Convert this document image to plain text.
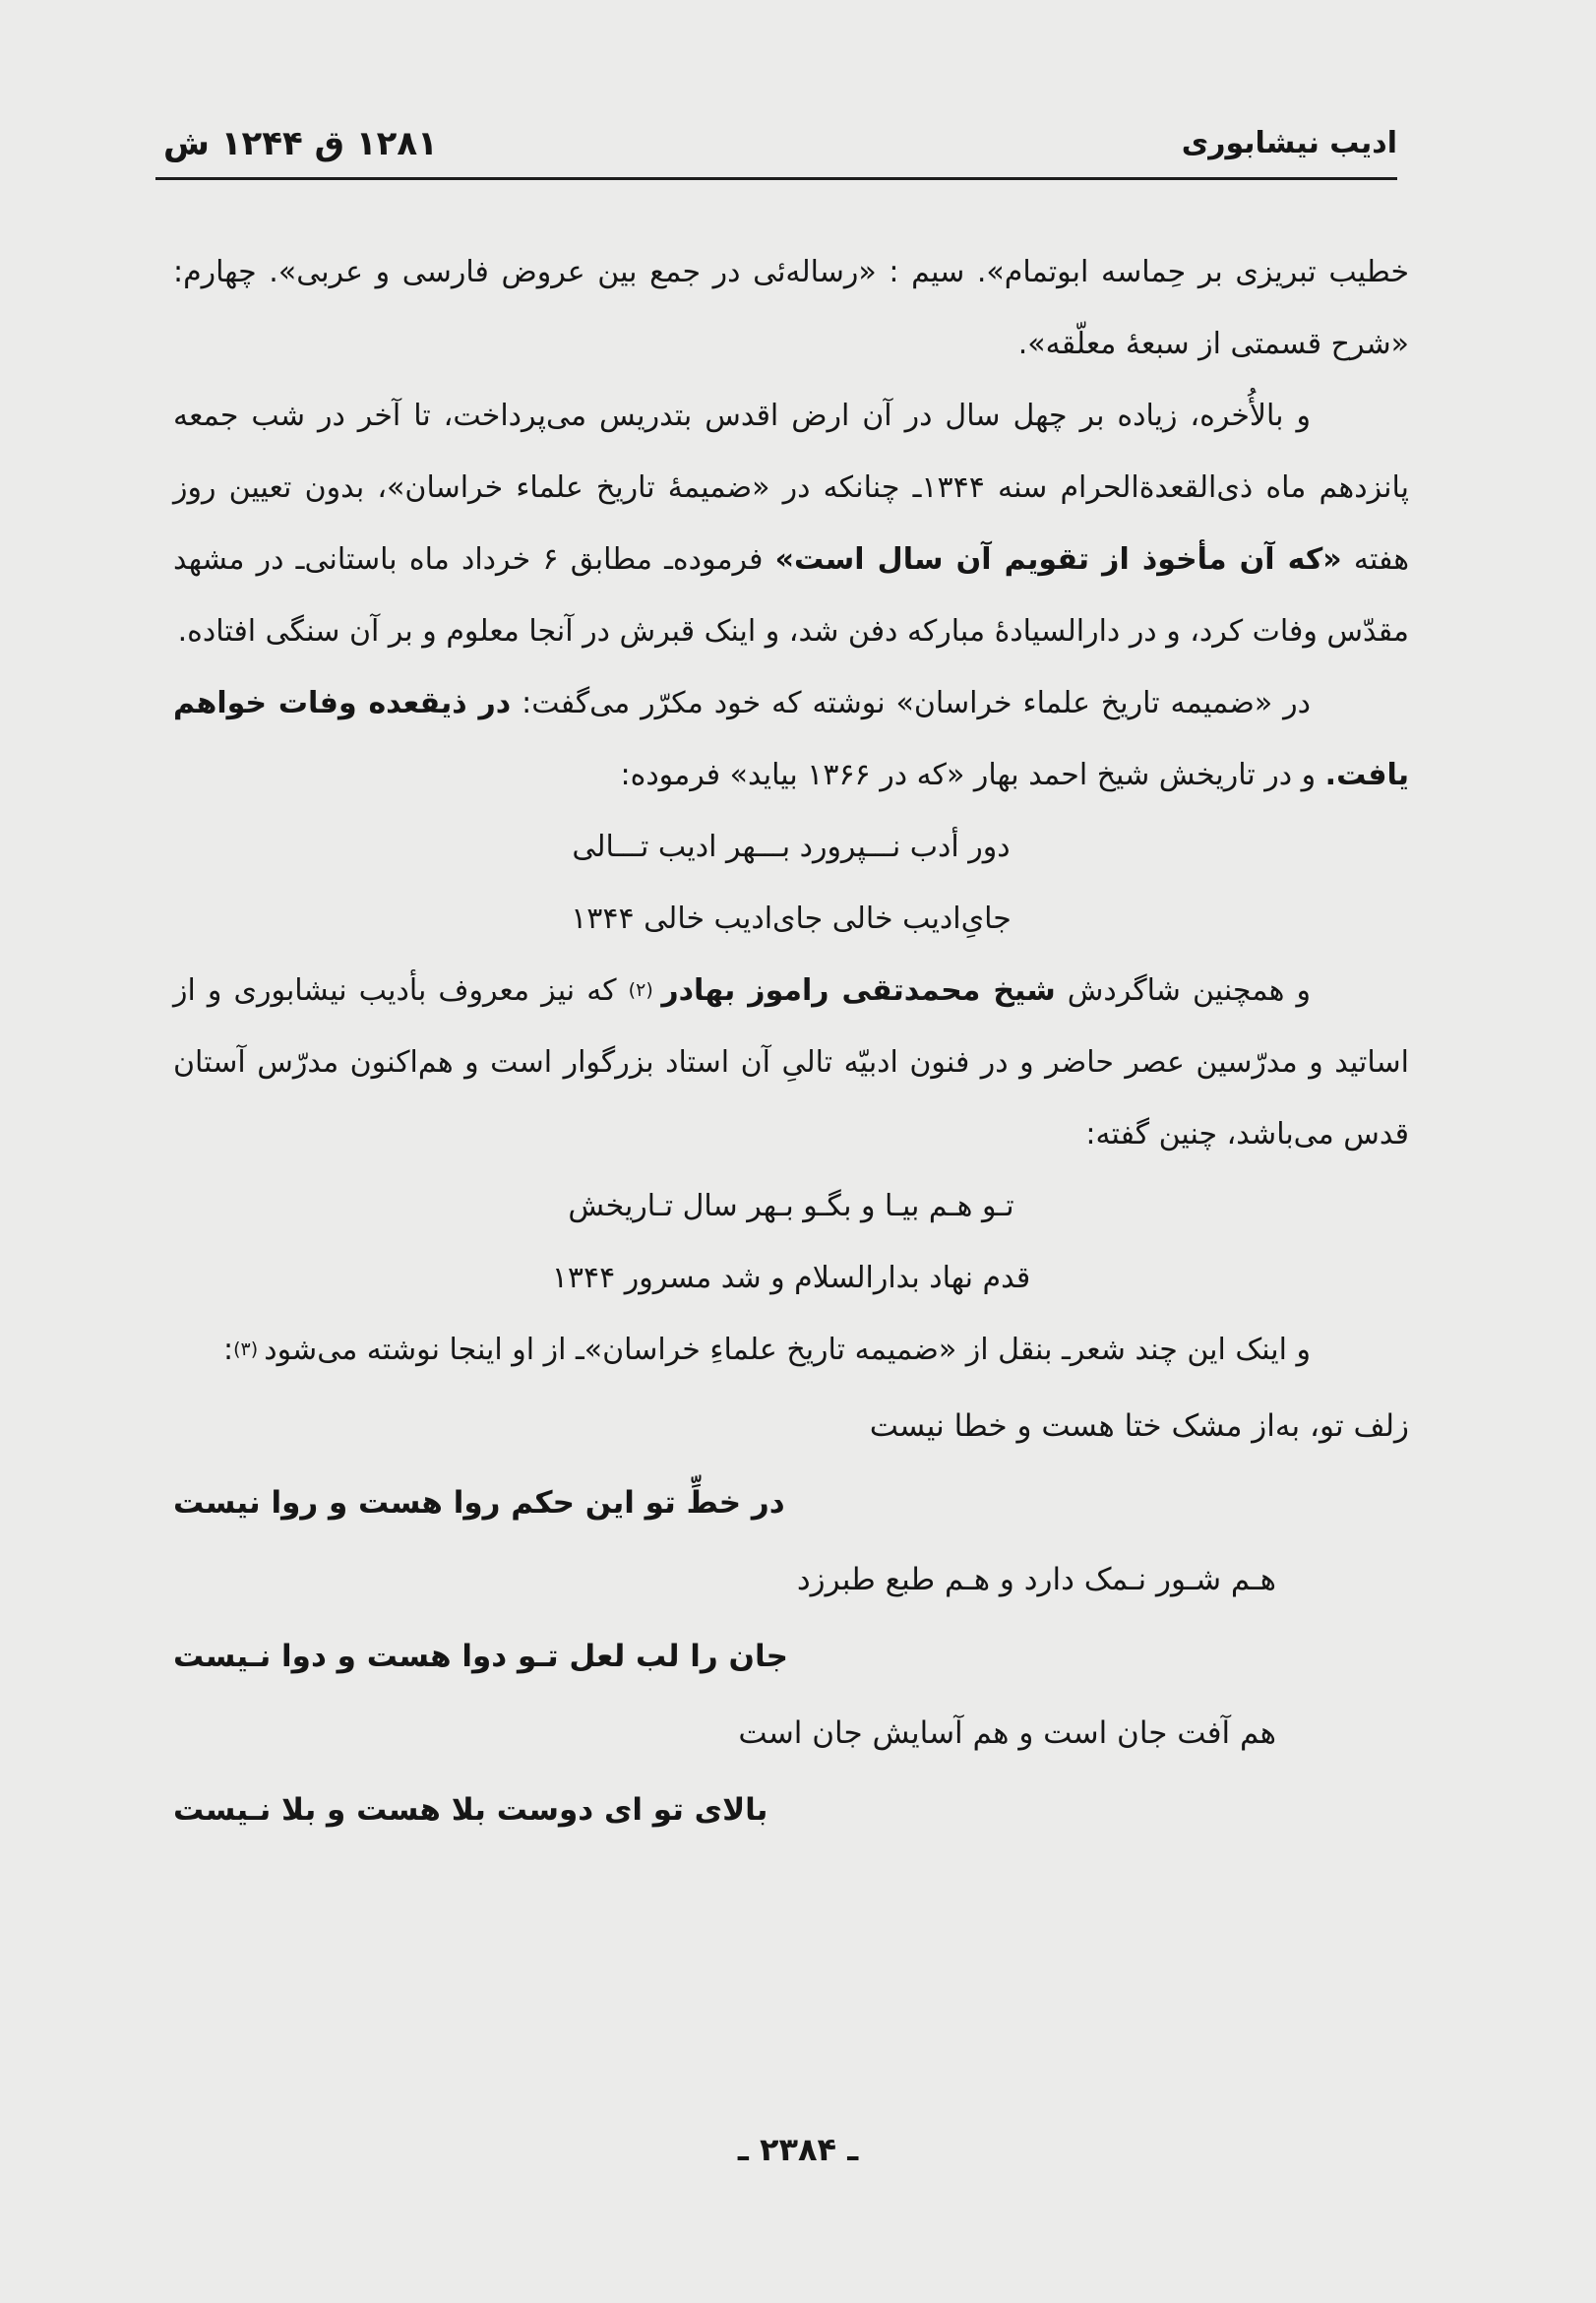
ادیب نیشابوری
۱۲۸۱ ق ۱۲۴۴ ش

خطیب تبریزی بر حِماسه ابوتمام». سیم : «رساله‌ئی در جمع بین عروض فارسی و عربی». چهارم: «شرح قسمتی از سبعهٔ معلّقه».

و بالأُخره، زیاده بر چهل سال در آن ارض اقدس بتدریس می‌پرداخت، تا آخر در شب جمعه پانزدهم ماه ذی‌القعدة‌الحرام سنه ۱۳۴۴ـ چنانکه در «ضمیمهٔ تاریخ علماء خراسان»، بدون تعیین روز هفته «که آن مأخوذ از تقویم آن سال است» فرموده‌ـ مطابق ۶ خرداد ماه باستانی‌ـ در مشهد مقدّس وفات کرد، و در دارالسیادهٔ مبارکه دفن شد، و اینک قبرش در آنجا معلوم و بر آن سنگی افتاده.

در «ضمیمه تاریخ علماء خراسان» نوشته که خود مکرّر می‌گفت: در ذیقعده وفات خواهم یافت. و در تاریخش شیخ احمد بهار «که در ۱۳۶۶ بیاید» فرموده:

دور أدب نـــپرورد بـــهر ادیب تـــالی
جایِ‌ادیب خالی جای‌ادیب خالی ۱۳۴۴

و همچنین شاگردش شیخ محمدتقی راموز بهادر (۲) که نیز معروف بأدیب نیشابوری و از اساتید و مدرّسین عصر حاضر و در فنون ادبیّه تالیِ آن استاد بزرگوار است و هم‌اکنون مدرّس آستان قدس می‌باشد، چنین گفته:

تـو هـم بیـا و بگـو بـهر سال تـاریخش
قدم نهاد بدارالسلام و شد مسرور ۱۳۴۴

و اینک این چند شعرـ بنقل از «ضمیمه تاریخ علماءِ خراسان»ـ از او اینجا نوشته می‌شود (۳):

زلف تو، به‌از مشک ختا هست و خطا نیست
در خطِّ تو این حکم روا هست و روا نیست
هـم شـور نـمک دارد و هـم طبع طبرزد
جان را لب لعل تـو دوا هست و دوا نـیست
هم آفت جان است و هم آسایش جان است
بالای تو ای دوست بلا هست و بلا نـیست
ـ ۲۳۸۴ ـ
